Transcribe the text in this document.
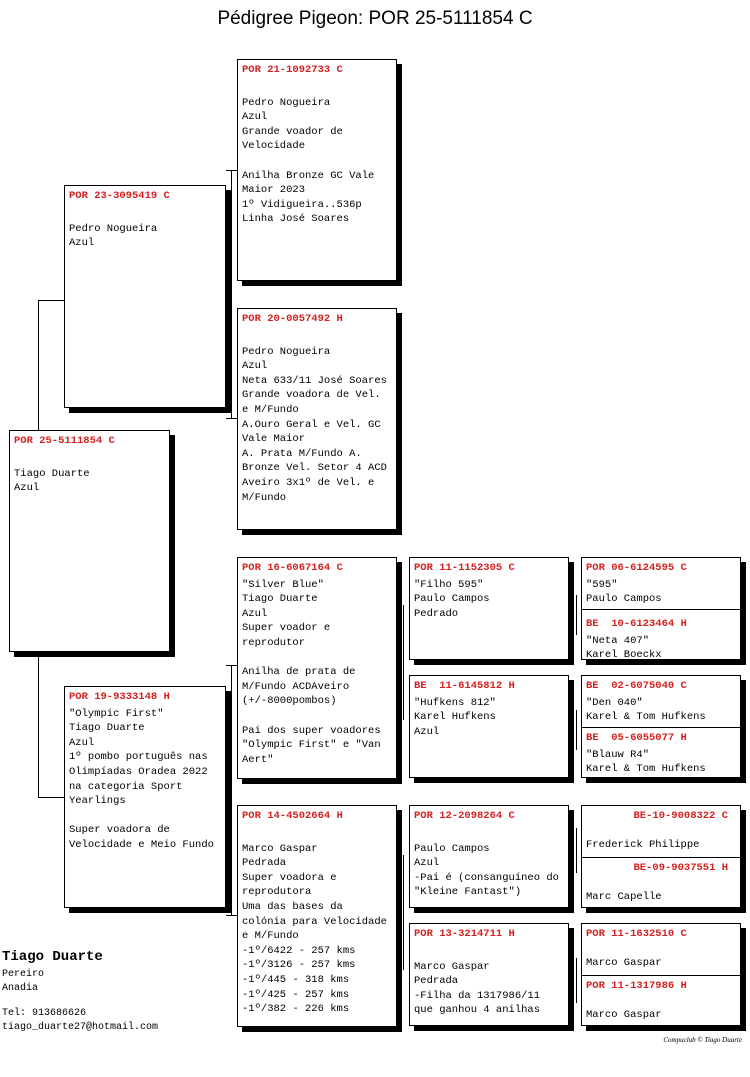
Pédigree Pigeon: POR 25-5111854 C
POR 25-5111854 C
Tiago Duarte
Azul
POR 23-3095419 C
Pedro Nogueira
Azul
POR 19-9333148 H
"Olympic First"
Tiago Duarte
Azul
1º pombo português nas Olimpíadas Oradea 2022 na categoria Sport Yearlings

Super voadora de Velocidade e Meio Fundo
POR 21-1092733 C
Pedro Nogueira
Azul
Grande voador de Velocidade

Anilha Bronze GC Vale Maior 2023
1º Vidigueira..536p
Linha José Soares
POR 20-0057492 H
Pedro Nogueira
Azul
Neta 633/11 José Soares
Grande voadora de Vel. e M/Fundo
A.Ouro Geral e Vel. GC Vale Maior
A. Prata M/Fundo A. Bronze Vel. Setor 4 ACD Aveiro 3x1º de Vel. e M/Fundo
POR 16-6067164 C
"Silver Blue"
Tiago Duarte
Azul
Super voador e reprodutor

Anilha de prata de M/Fundo ACDAveiro (+/-8000pombos)

Pai dos super voadores "Olympic First" e "Van Aert"
POR 14-4502664 H
Marco Gaspar
Pedrada
Super voadora e reprodutora
Uma das bases da colónia para Velocidade e M/Fundo
-1º/6422 - 257 kms
-1º/3126 - 257 kms
-1º/445 - 318 kms
-1º/425 - 257 kms
-1º/382 - 226 kms
POR 11-1152305 C
"Filho 595"
Paulo Campos
Pedrado
BE  11-6145812 H
"Hufkens 812"
Karel Hufkens
Azul
POR 12-2098264 C
Paulo Campos
Azul
-Pai é (consanguíneo do "Kleine Fantast")
POR 13-3214711 H
Marco Gaspar
Pedrada
-Filha da 1317986/11 que ganhou 4 anilhas
POR 06-6124595 C
"595"
Paulo Campos
BE  10-6123464 H
"Neta 407"
Karel Boeckx
BE  02-6075040 C
"Den 040"
Karel & Tom Hufkens
BE  05-6055077 H
"Blauw R4"
Karel & Tom Hufkens
BE-10-9008322 C
Frederick Philippe
BE-09-9037551 H
Marc Capelle
POR 11-1632510 C
Marco Gaspar
POR 11-1317986 H
Marco Gaspar
Tiago Duarte
Pereiro
Anadia
Tel: 913686626
tiago_duarte27@hotmail.com
Compuclub © Tiago Duarte
